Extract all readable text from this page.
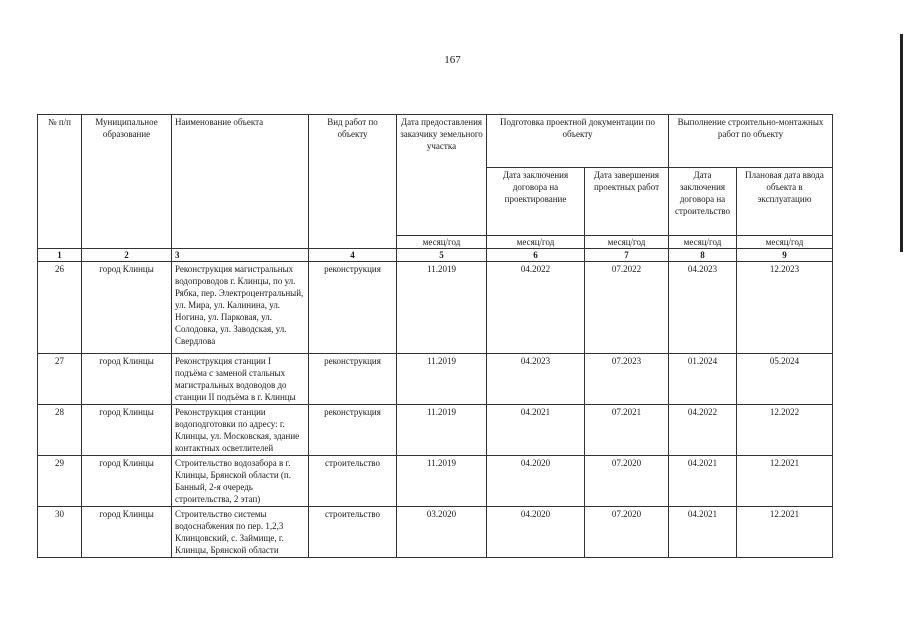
167
№ п/п	Муниципальное образование	Наименование объекта	Вид работ по объекту	Дата предоставления заказчику земельного участка	Подготовка проектной документации по объекту		Выполнение строительно-монтажных работ по объекту	
					Дата заключения договора на проектирование	Дата завершения проектных работ	Дата заключения договора на строительство	Плановая дата ввода объекта в эксплуатацию
				месяц/год	месяц/год	месяц/год	месяц/год	месяц/год
1	2	3	4	5	6	7	8	9
26	город Клинцы	Реконструкция магистральных водопроводов г. Клинцы, по ул. Рябка, пер. Электроцентральный, ул. Мира, ул. Калинина, ул. Ногина, ул. Парковая, ул. Солодовка, ул. Заводская, ул. Свердлова	реконструкция	11.2019	04.2022	07.2022	04.2023	12.2023
27	город Клинцы	Реконструкция станции I подъёма с заменой стальных магистральных водоводов до станции II подъёма в г. Клинцы	реконструкция	11.2019	04.2023	07.2023	01.2024	05.2024
28	город Клинцы	Реконструкция станции водоподготовки по адресу: г. Клинцы, ул. Московская, здание контактных осветлителей	реконструкция	11.2019	04.2021	07.2021	04.2022	12.2022
29	город Клинцы	Строительство водозабора в г. Клинцы, Брянской области (п. Банный, 2-я очередь строительства, 2 этап)	строительство	11.2019	04.2020	07.2020	04.2021	12.2021
30	город Клинцы	Строительство системы водоснабжения по пер. 1,2,3 Клинцовский, с. Займище, г. Клинцы, Брянской области	строительство	03.2020	04.2020	07.2020	04.2021	12.2021
